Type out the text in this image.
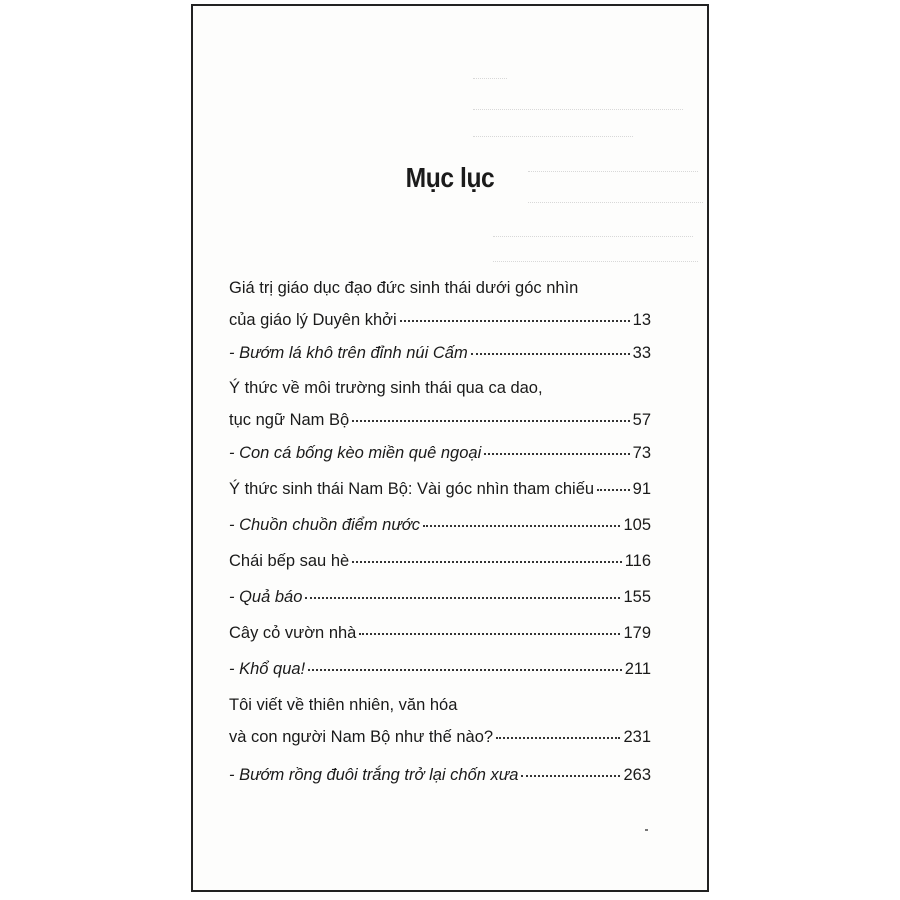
Mục lục
Giá trị giáo dục đạo đức sinh thái dưới góc nhìn
của giáo lý Duyên khởi	13
- Bướm lá khô trên đỉnh núi Cấm	33
Ý thức về môi trường sinh thái qua ca dao,
tục ngữ Nam Bộ	57
- Con cá bống kèo miền quê ngoại	73
Ý thức sinh thái Nam Bộ: Vài góc nhìn tham chiếu 91
- Chuồn chuồn điểm nước	105
Chái bếp sau hè	116
- Quả báo	155
Cây cỏ vườn nhà	179
- Khổ qua!	211
Tôi viết về thiên nhiên, văn hóa
và con người Nam Bộ như thế nào?	231
- Bướm rồng đuôi trắng trở lại chốn xưa	263
